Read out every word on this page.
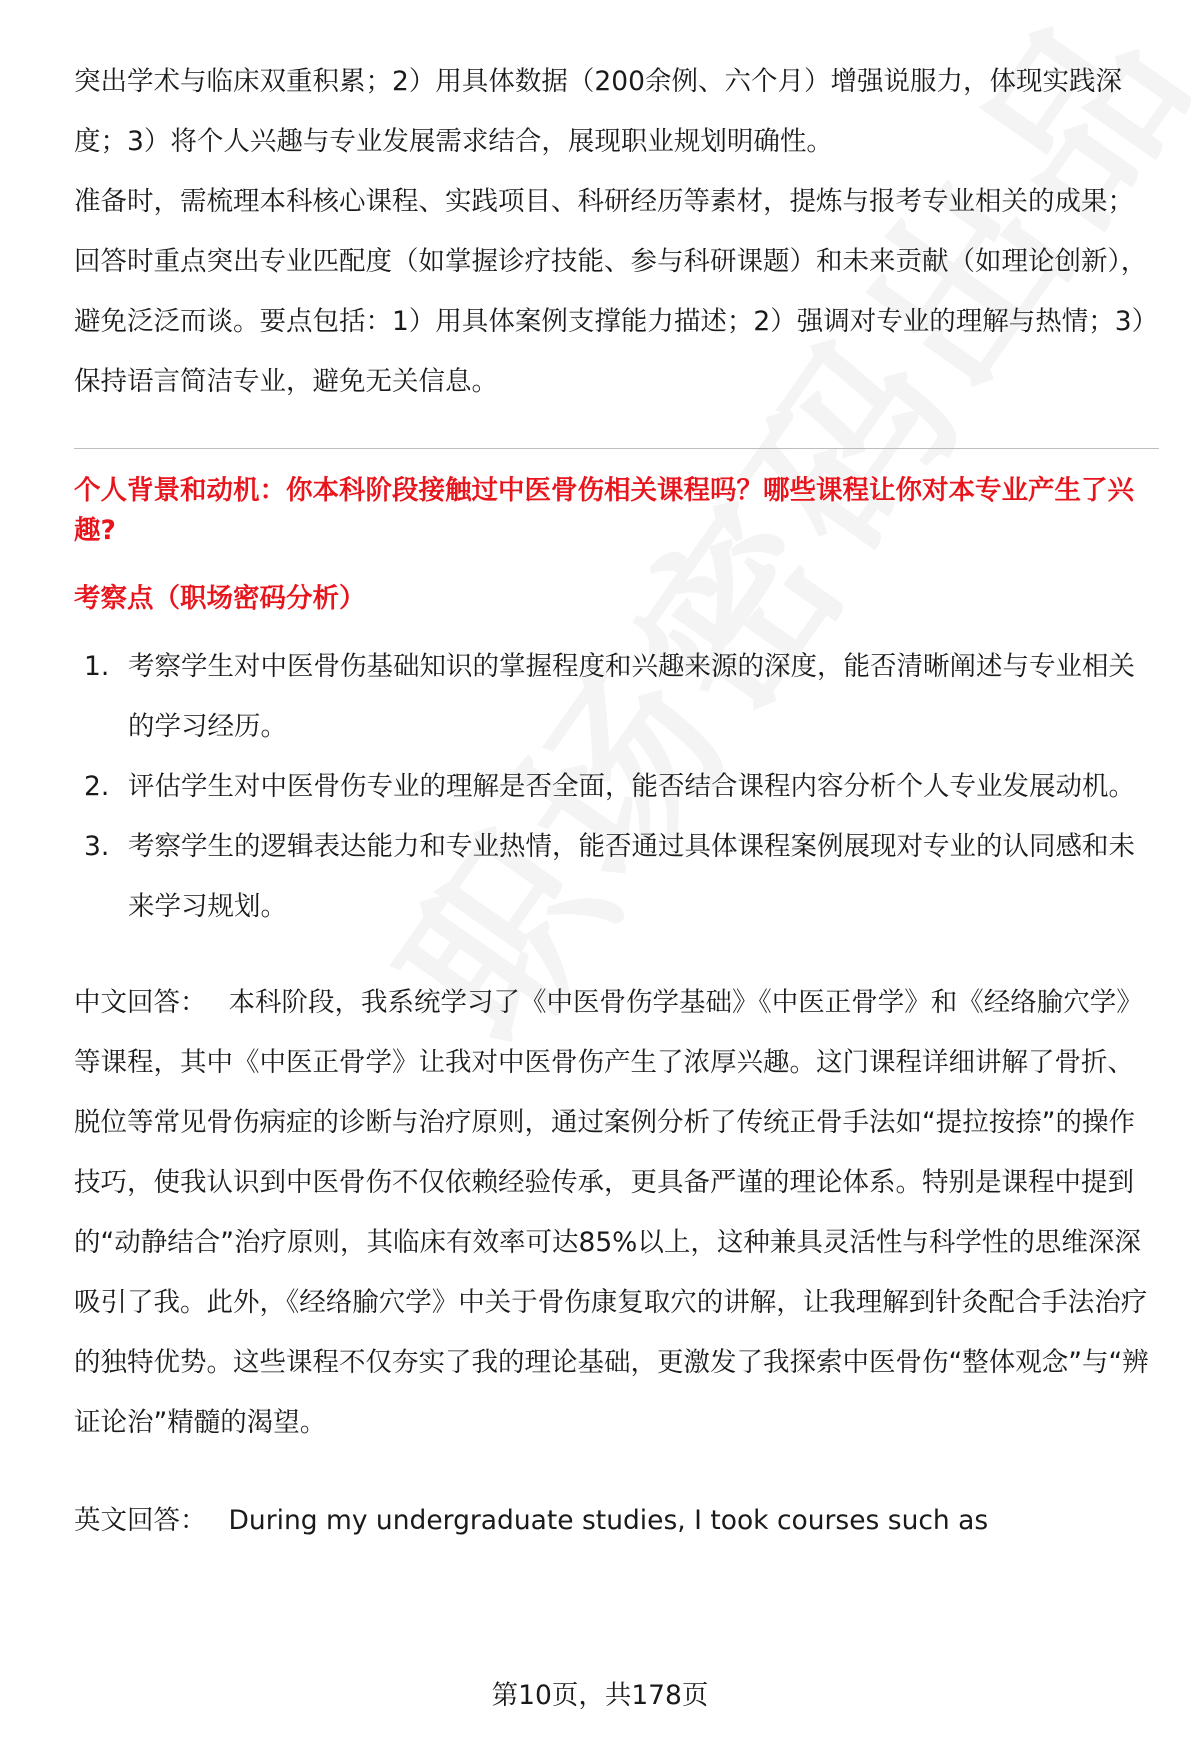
突出学术与临床双重积累；2）用具体数据（200余例、六个月）增强说服力，体现实践深度；3）将个人兴趣与专业发展需求结合，展现职业规划明确性。

准备时，需梳理本科核心课程、实践项目、科研经历等素材，提炼与报考专业相关的成果；回答时重点突出专业匹配度（如掌握诊疗技能、参与科研课题）和未来贡献（如理论创新），避免泛泛而谈。要点包括：1）用具体案例支撑能力描述；2）强调对专业的理解与热情；3）保持语言简洁专业，避免无关信息。

个人背景和动机：你本科阶段接触过中医骨伤相关课程吗？哪些课程让你对本专业产生了兴趣?

考察点（职场密码分析）

1. 考察学生对中医骨伤基础知识的掌握程度和兴趣来源的深度，能否清晰阐述与专业相关的学习经历。
2. 评估学生对中医骨伤专业的理解是否全面，能否结合课程内容分析个人专业发展动机。
3. 考察学生的逻辑表达能力和专业热情，能否通过具体课程案例展现对专业的认同感和未来学习规划。

中文回答： 本科阶段，我系统学习了《中医骨伤学基础》《中医正骨学》和《经络腧穴学》等课程，其中《中医正骨学》让我对中医骨伤产生了浓厚兴趣。这门课程详细讲解了骨折、脱位等常见骨伤病症的诊断与治疗原则，通过案例分析了传统正骨手法如“提拉按捺”的操作技巧，使我认识到中医骨伤不仅依赖经验传承，更具备严谨的理论体系。特别是课程中提到的“动静结合”治疗原则，其临床有效率可达85%以上，这种兼具灵活性与科学性的思维深深吸引了我。此外，《经络腧穴学》中关于骨伤康复取穴的讲解，让我理解到针灸配合手法治疗的独特优势。这些课程不仅夯实了我的理论基础，更激发了我探索中医骨伤“整体观念”与“辨证论治”精髓的渴望。

英文回答： During my undergraduate studies, I took courses such as

第10页，共178页
